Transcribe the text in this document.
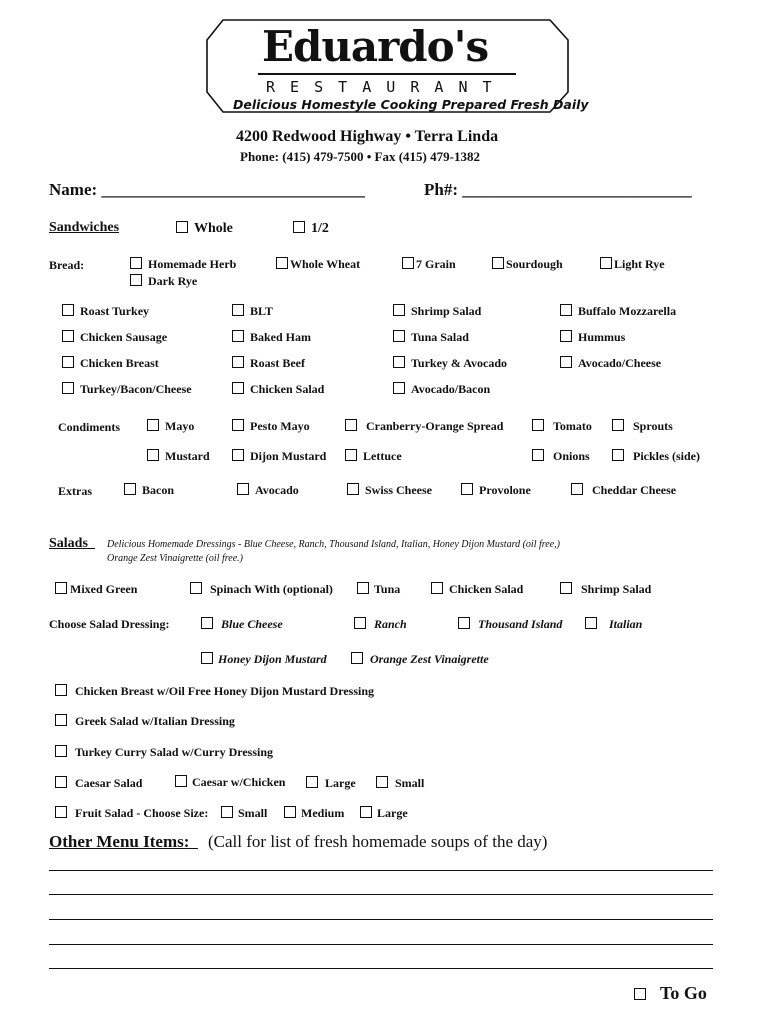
Eduardo's
R E S T A U R A N T
Delicious Homestyle Cooking Prepared Fresh Daily
4200 Redwood Highway • Terra Linda
Phone: (415) 479-7500 • Fax (415) 479-1382
Name: _______________________________	Ph#: ___________________________
Sandwiches	Whole	1/2
Bread:	Homemade Herb	Whole Wheat	7 Grain	Sourdough	Light Rye
Dark Rye
Roast Turkey	BLT	Shrimp Salad	Buffalo Mozzarella
Chicken Sausage	Baked Ham	Tuna Salad	Hummus
Chicken Breast	Roast Beef	Turkey & Avocado	Avocado/Cheese
Turkey/Bacon/Cheese	Chicken Salad	Avocado/Bacon
Condiments	Mayo	Pesto Mayo	Cranberry-Orange Spread	Tomato	Sprouts
Mustard	Dijon Mustard	Lettuce	Onions	Pickles (side)
Extras	Bacon	Avocado	Swiss Cheese	Provolone	Cheddar Cheese
Salads	Delicious Homemade Dressings - Blue Cheese, Ranch, Thousand Island, Italian, Honey Dijon Mustard (oil free,)
Orange Zest Vinaigrette (oil free.)
Mixed Green	Spinach With (optional)	Tuna	Chicken Salad	Shrimp Salad
Choose Salad Dressing:	Blue Cheese	Ranch	Thousand Island	Italian
Honey Dijon Mustard	Orange Zest Vinaigrette
Chicken Breast w/Oil Free Honey Dijon Mustard Dressing
Greek Salad w/Italian Dressing
Turkey Curry Salad w/Curry Dressing
Caesar Salad	Caesar w/Chicken	Large	Small
Fruit Salad - Choose Size:	Small	Medium	Large
Other Menu Items:	(Call for list of fresh homemade soups of the day)
To Go
